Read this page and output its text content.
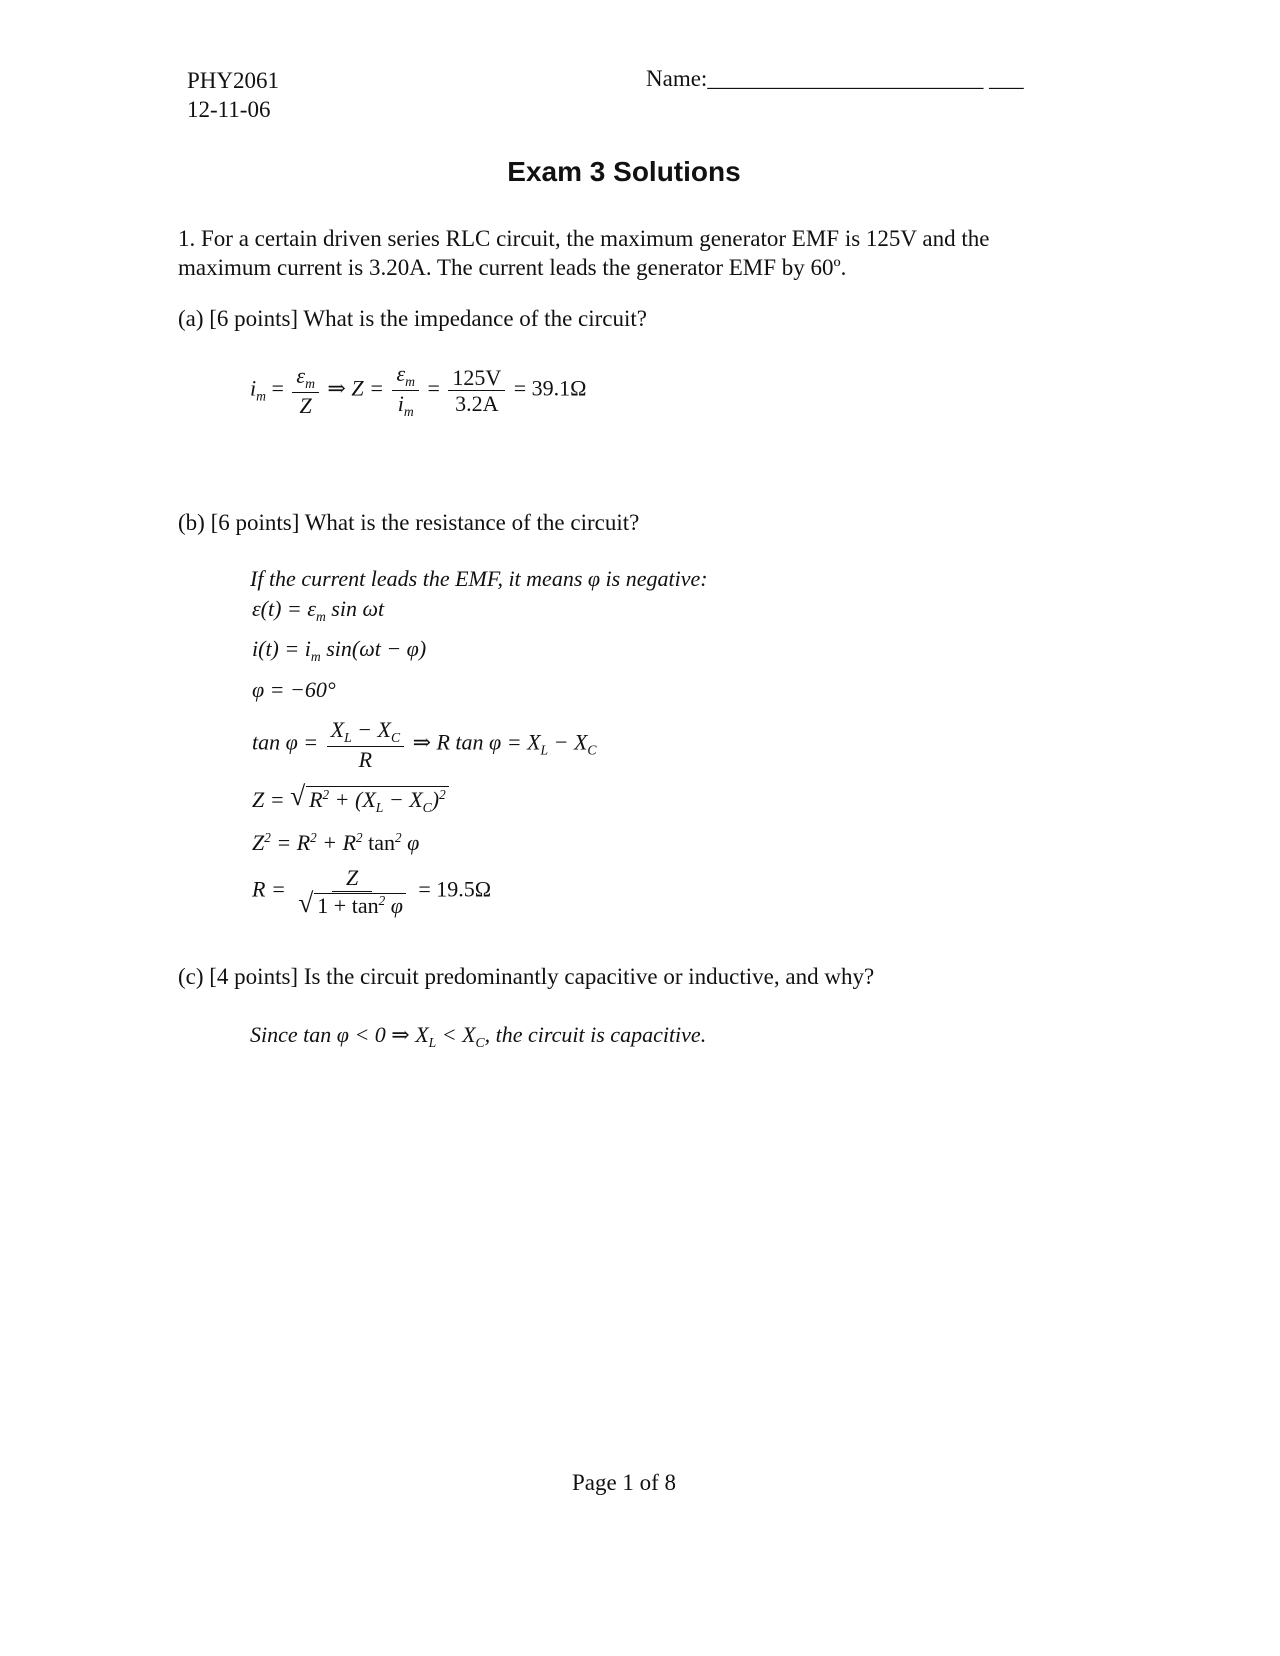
PHY2061
12-11-06
Name:________________________ ___
Exam 3 Solutions
1. For a certain driven series RLC circuit, the maximum generator EMF is 125V and the
maximum current is 3.20A. The current leads the generator EMF by 60º.
(a) [6 points] What is the impedance of the circuit?
$i_m = \frac{\varepsilon_m}{Z}$ ⇒ $Z = \frac{\varepsilon_m}{i_m} = \frac{125V}{3.2A} = 39.1\Omega$
(b) [6 points] What is the resistance of the circuit?
If the current leads the EMF, it means φ is negative:
$\varepsilon(t) = \varepsilon_m$ sin ωt
$i(t) = i_m$ sin(ωt − φ)
φ = −60°
$\tan \varphi = \frac{X_L - X_C}{R}$ ⇒ R $\tan \varphi = X_L - X_C$
Z = √ $R^2 + (X_L - X_C)^2$
$Z^2 = R^2 + R^2$ $\tan^2 \varphi$
$R = \frac{Z}{√ 1 + \tan^2 \varphi} = 19.5\Omega$
(c) [4 points] Is the circuit predominantly capacitive or inductive, and why?
Since tan φ < 0 ⇒ $X_L < X_C$, the circuit is capacitive.
Page 1 of 8
